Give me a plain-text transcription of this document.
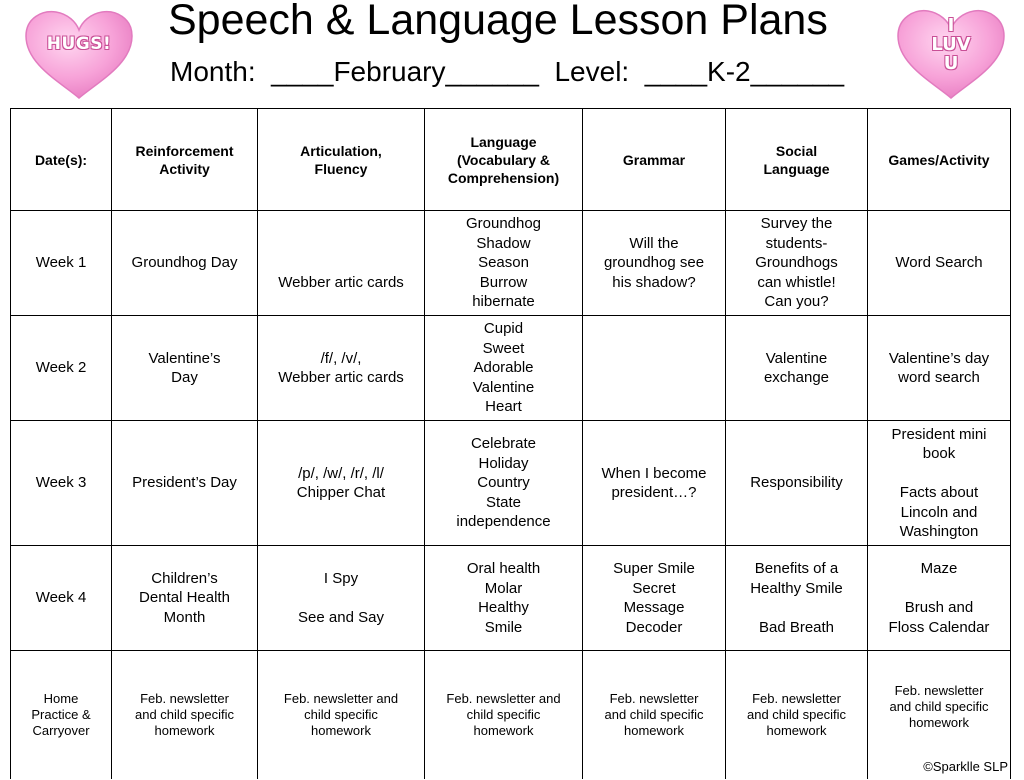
Speech & Language Lesson Plans
Month:  ____February______  Level:  ____K-2______
HUGS!
I
LUV
U
Date(s):	Reinforcement
Activity	Articulation,
Fluency	Language
(Vocabulary &
Comprehension)	Grammar	Social
Language	Games/Activity
Week 1	Groundhog Day	

Webber artic cards	Groundhog
Shadow
Season
Burrow
hibernate	Will the
groundhog see
his shadow?	Survey the
students-
Groundhogs
can whistle!
Can you?	Word Search
Week 2	Valentine’s
Day	/f/, /v/,
Webber artic cards	Cupid
Sweet
Adorable
Valentine
Heart		Valentine
exchange	Valentine’s day
word search
Week 3	President’s Day	/p/, /w/, /r/, /l/
Chipper Chat	Celebrate
Holiday
Country
State
independence	When I become
president…?	Responsibility	President mini
book

Facts about
Lincoln and
Washington
Week 4	Children’s
Dental Health
Month	I Spy

See and Say	Oral health
Molar
Healthy
Smile	Super Smile
Secret
Message
Decoder	Benefits of a
Healthy Smile

Bad Breath	Maze

Brush and
Floss Calendar
Home
Practice &
Carryover	Feb. newsletter
and child specific
homework	Feb. newsletter and
child specific
homework	Feb. newsletter and
child specific
homework	Feb. newsletter
and child specific
homework	Feb. newsletter
and child specific
homework	Feb. newsletter
and child specific
homework

©Sparklle SLP
